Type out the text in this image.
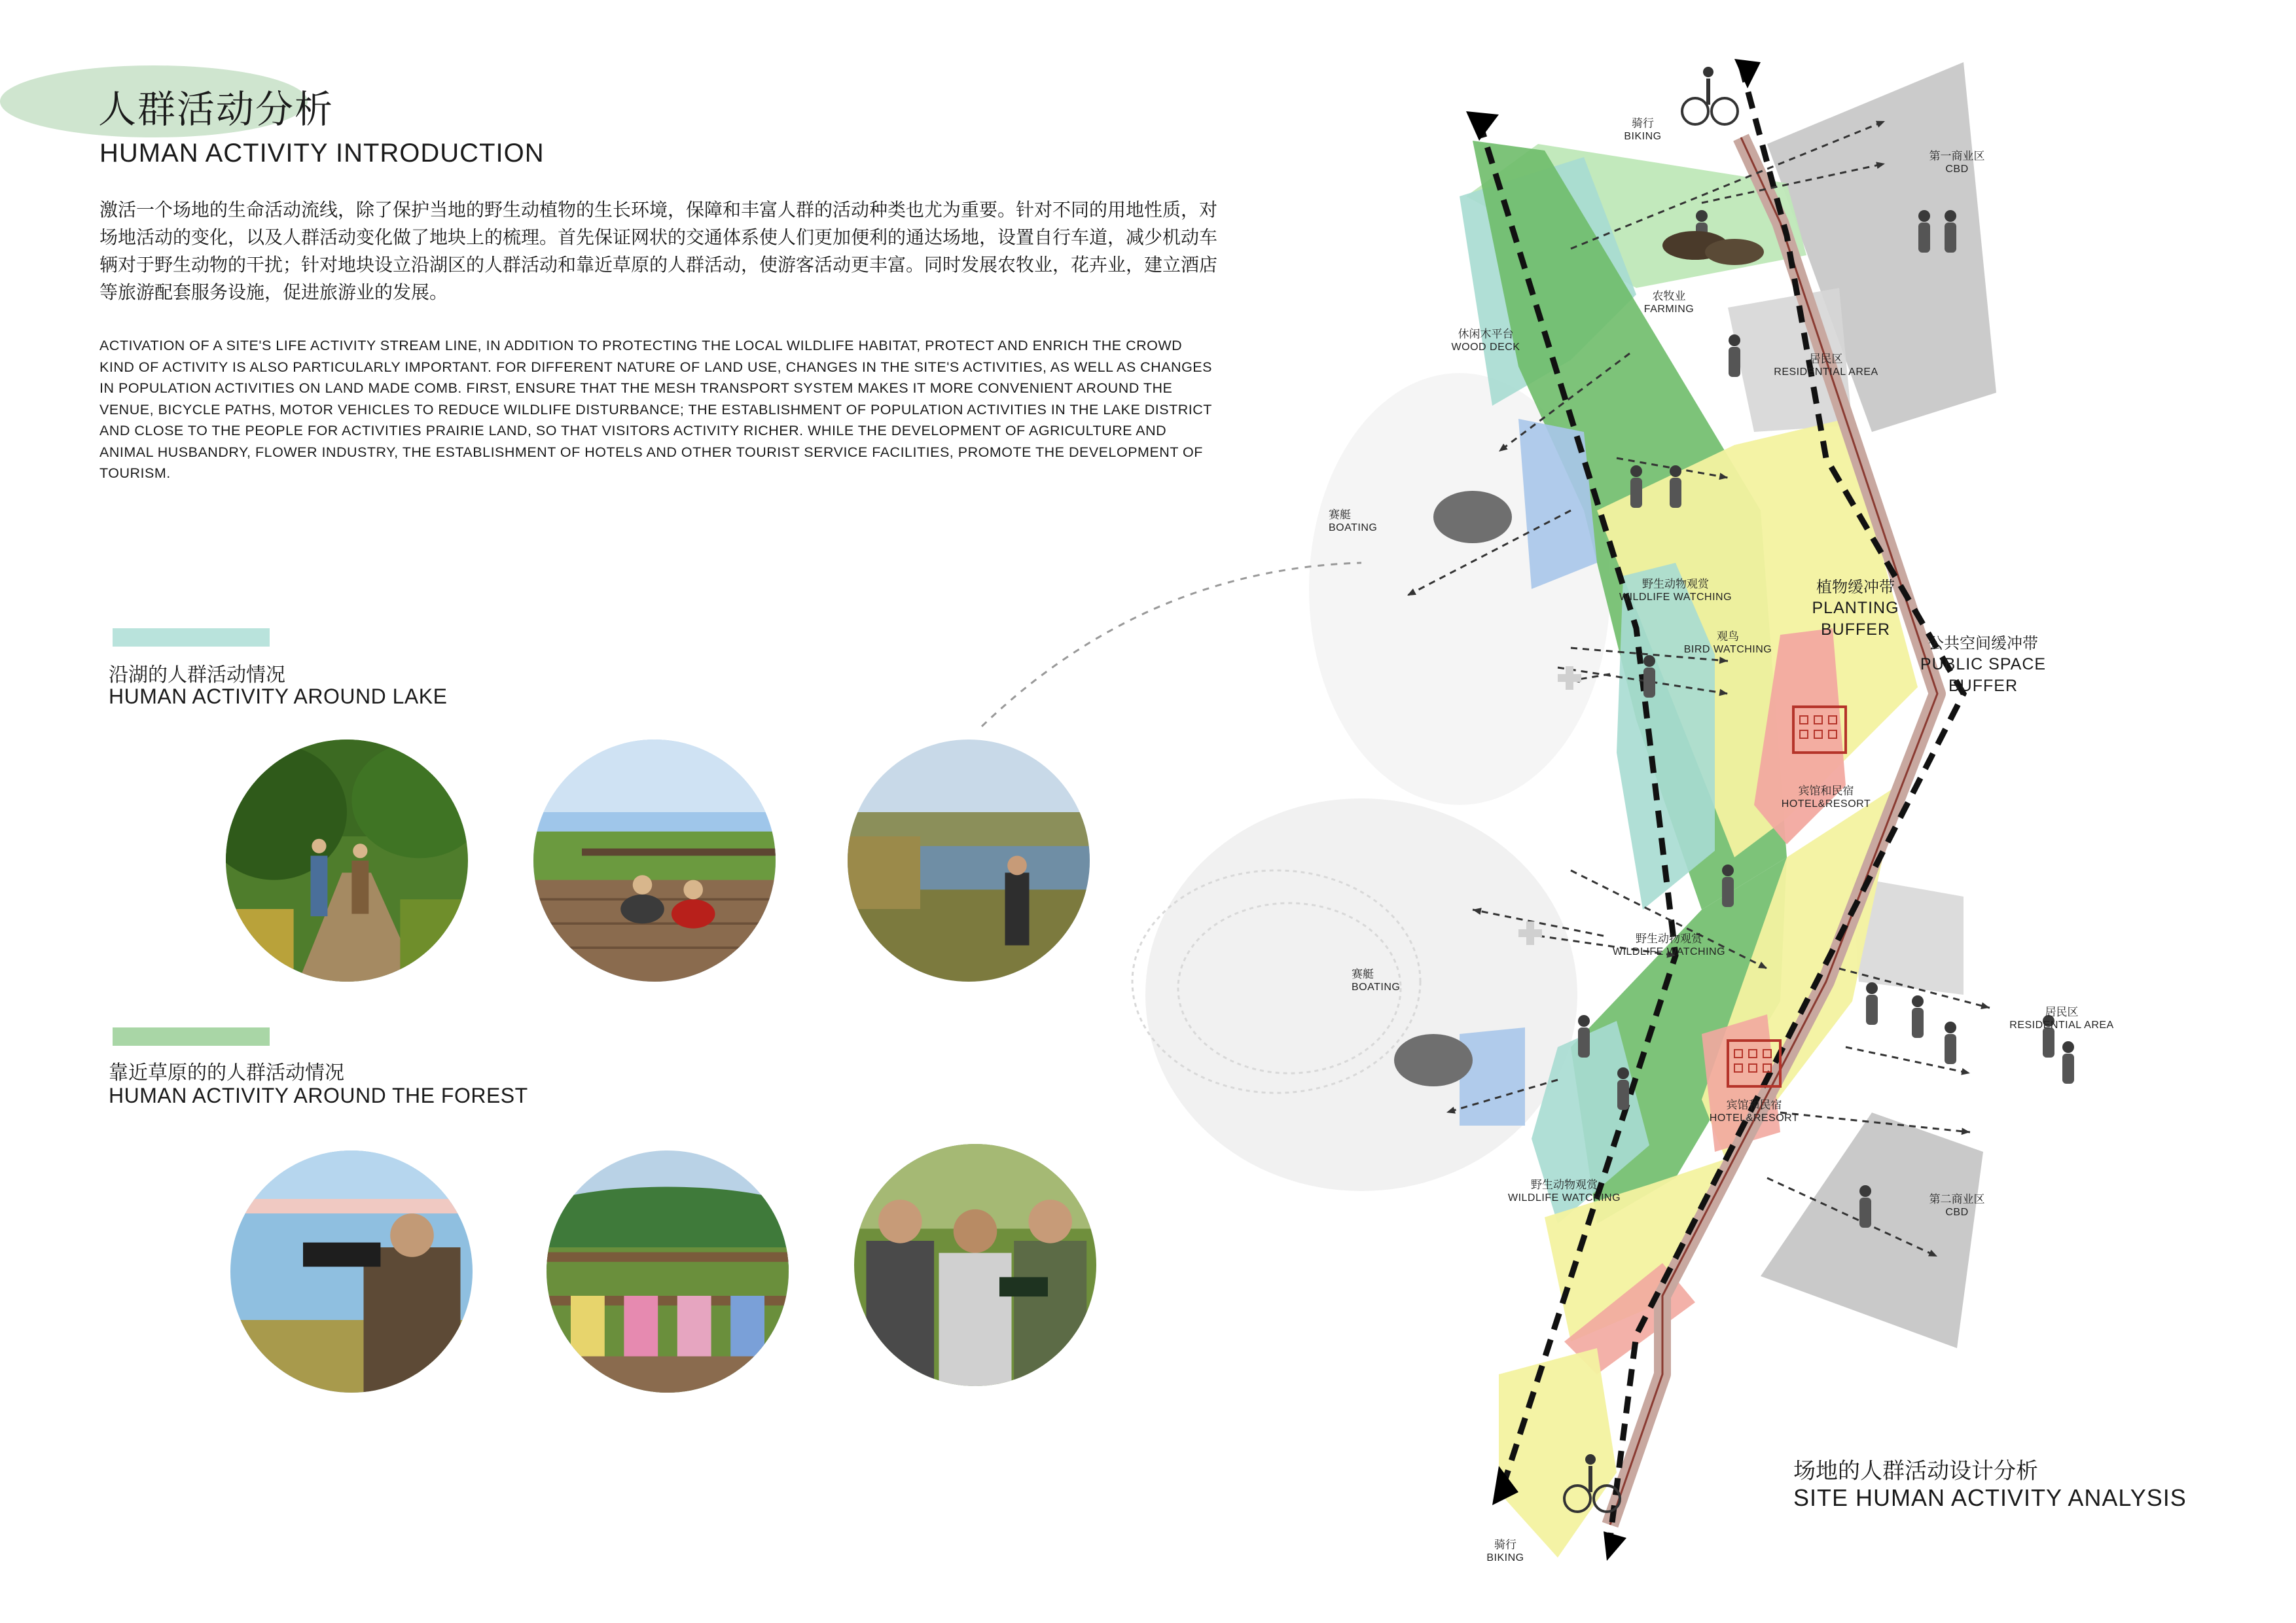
人群活动分析
HUMAN ACTIVITY INTRODUCTION
激活一个场地的生命活动流线，除了保护当地的野生动植物的生长环境，保障和丰富人群的活动种类也尤为重要。针对不同的用地性质，对场地活动的变化，以及人群活动变化做了地块上的梳理。首先保证网状的交通体系使人们更加便利的通达场地，设置自行车道，减少机动车辆对于野生动物的干扰；针对地块设立沿湖区的人群活动和靠近草原的人群活动，使游客活动更丰富。同时发展农牧业，花卉业，建立酒店等旅游配套服务设施，促进旅游业的发展。
ACTIVATION OF A SITE'S LIFE ACTIVITY STREAM LINE, IN ADDITION TO PROTECTING THE LOCAL WILDLIFE HABITAT, PROTECT AND ENRICH THE CROWD KIND OF ACTIVITY IS ALSO PARTICULARLY IMPORTANT. FOR DIFFERENT NATURE OF LAND USE, CHANGES IN THE SITE'S ACTIVITIES, AS WELL AS CHANGES IN POPULATION ACTIVITIES ON LAND MADE COMB. FIRST, ENSURE THAT THE MESH TRANSPORT SYSTEM MAKES IT MORE CONVENIENT AROUND THE VENUE, BICYCLE PATHS, MOTOR VEHICLES TO REDUCE WILDLIFE DISTURBANCE; THE ESTABLISHMENT OF POPULATION ACTIVITIES IN THE LAKE DISTRICT AND CLOSE TO THE PEOPLE FOR ACTIVITIES PRAIRIE LAND, SO THAT VISITORS ACTIVITY RICHER. WHILE THE DEVELOPMENT OF AGRICULTURE AND ANIMAL HUSBANDRY, FLOWER INDUSTRY, THE ESTABLISHMENT OF HOTELS AND OTHER TOURIST SERVICE FACILITIES, PROMOTE THE DEVELOPMENT OF TOURISM.
沿湖的人群活动情况
HUMAN ACTIVITY AROUND LAKE
靠近草原的的人群活动情况
HUMAN ACTIVITY AROUND THE FOREST
骑行
BIKING
第一商业区
CBD
农牧业
FARMING
休闲木平台
WOOD DECK
居民区
RESIDENTIAL AREA
赛艇
BOATING
野生动物观赏
WILDLIFE WATCHING
植物缓冲带
PLANTING BUFFER
观鸟
BIRD WATCHING	公共空间缓冲带
PUBLIC SPACE BUFFER
宾馆和民宿
HOTEL&RESORT
野生动物观赏
WILDLIFE WATCHING
赛艇
BOATING
居民区
RESIDENTIAL AREA
宾馆和民宿
HOTEL&RESORT
野生动物观赏
WILDLIFE WATCHING	第二商业区
CBD
骑行
BIKING
场地的人群活动设计分析
SITE HUMAN ACTIVITY ANALYSIS
